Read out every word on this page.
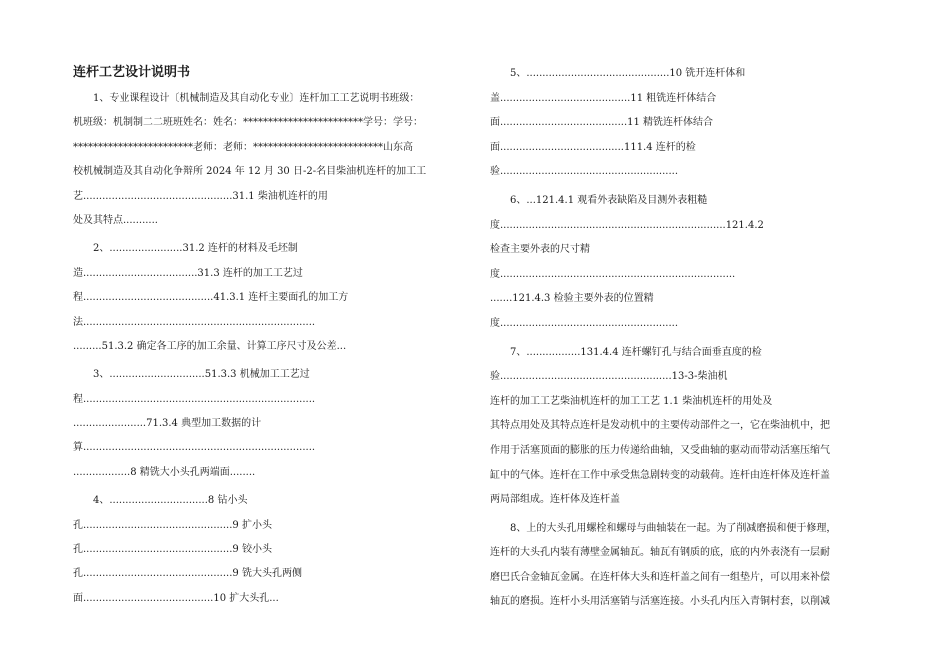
连杆工艺设计说明书
1、专业课程设计〔机械制造及其自动化专业〕连杆加工工艺说明书班级：
机班级：机制制二二班班姓名：姓名：************************学号：学号：
************************老师：老师：**************************山东高
校机械制造及其自动化争辩所 2024 年 12 月 30 日-2-名目柴油机连杆的加工工
艺...............................................31.1 柴油机连杆的用
处及其特点...........
2、.......................31.2 连杆的材料及毛坯制
造....................................31.3 连杆的加工工艺过
程.........................................41.3.1 连杆主要面孔的加工方
法.........................................................................
.........51.3.2 确定各工序的加工余量、计算工序尺寸及公差...
3、..............................51.3.3 机械加工工艺过
程.........................................................................
.......................71.3.4 典型加工数据的计
算.........................................................................
..................8 精铣大小头孔两端面........
4、...............................8 钻小头
孔...............................................9 扩小头
孔...............................................9 铰小头
孔...............................................9 铣大头孔两侧
面.........................................10 扩大头孔...
5、.............................................10 铣开连杆体和
盖.........................................11 粗铣连杆体结合
面........................................11 精铣连杆体结合
面.......................................111.4 连杆的检
验........................................................
6、...121.4.1 观看外表缺陷及目测外表粗糙
度.......................................................................121.4.2
检查主要外表的尺寸精
度..........................................................................
.......121.4.3 检验主要外表的位置精
度........................................................
7、.................131.4.4 连杆螺钉孔与结合面垂直度的检
验......................................................13-3-柴油机
连杆的加工工艺柴油机连杆的加工工艺 1.1 柴油机连杆的用处及
其特点用处及其特点连杆是发动机中的主要传动部件之一，它在柴油机中，把
作用于活塞顶面的膨胀的压力传递给曲轴，又受曲轴的驱动而带动活塞压缩气
缸中的气体。连杆在工作中承受焦急剧转变的动载荷。连杆由连杆体及连杆盖
两局部组成。连杆体及连杆盖
8、上的大头孔用螺栓和螺母与曲轴装在一起。为了削减磨损和便于修理，
连杆的大头孔内装有薄壁金属轴瓦。轴瓦有钢质的底，底的内外表浇有一层耐
磨巴氏合金轴瓦金属。在连杆体大头和连杆盖之间有一组垫片，可以用来补偿
轴瓦的磨损。连杆小头用活塞销与活塞连接。小头孔内压入青铜村套，以削减
